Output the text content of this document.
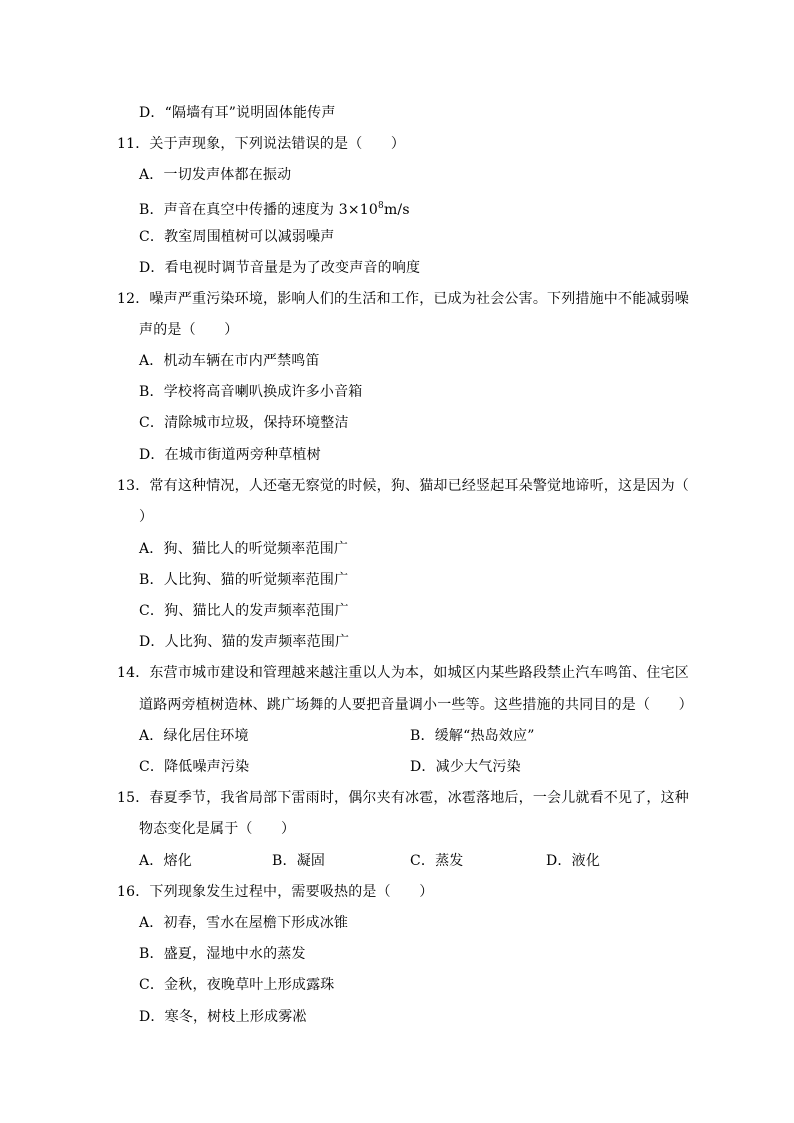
D．“隔墙有耳”说明固体能传声
11．关于声现象，下列说法错误的是（　　）
A．一切发声体都在振动
B．声音在真空中传播的速度为 $3\times 10^8m/s$
C．教室周围植树可以减弱噪声
D．看电视时调节音量是为了改变声音的响度
12．噪声严重污染环境，影响人们的生活和工作，已成为社会公害。下列措施中不能减弱噪
声的是（　　）
A．机动车辆在市内严禁鸣笛
B．学校将高音喇叭换成许多小音箱
C．清除城市垃圾，保持环境整洁
D．在城市街道两旁种草植树
13．常有这种情况，人还毫无察觉的时候，狗、猫却已经竖起耳朵警觉地谛听，这是因为（
）
A．狗、猫比人的听觉频率范围广
B．人比狗、猫的听觉频率范围广
C．狗、猫比人的发声频率范围广
D．人比狗、猫的发声频率范围广
14．东营市城市建设和管理越来越注重以人为本，如城区内某些路段禁止汽车鸣笛、住宅区
道路两旁植树造林、跳广场舞的人要把音量调小一些等。这些措施的共同目的是（　　）
A．绿化居住环境	B．缓解“热岛效应”
C．降低噪声污染	D．减少大气污染
15．春夏季节，我省局部下雷雨时，偶尔夹有冰雹，冰雹落地后，一会儿就看不见了，这种
物态变化是属于（　　）
A．熔化	B．凝固	C．蒸发	D．液化
16．下列现象发生过程中，需要吸热的是（　　）
A．初春，雪水在屋檐下形成冰锥
B．盛夏，湿地中水的蒸发
C．金秋，夜晚草叶上形成露珠
D．寒冬，树枝上形成雾凇
